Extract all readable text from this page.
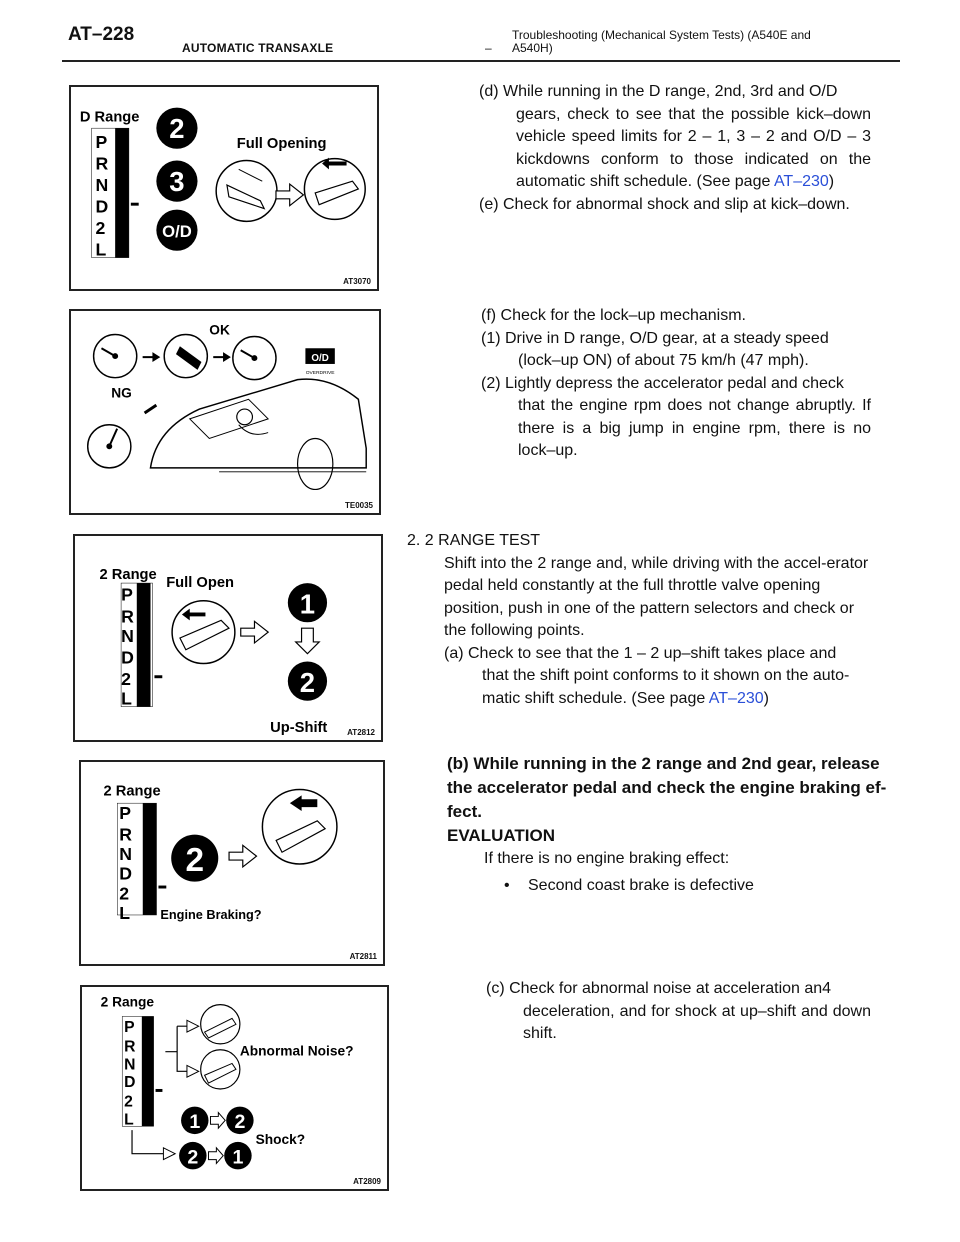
AT–228
AUTOMATIC TRANSAXLE	–
Troubleshooting (Mechanical System Tests) (A540E and A540H)
D Range
P
R
N
D
2
L
2
3
O/D
Full Opening
AT3070

(d) While running in the D range, 2nd, 3rd and O/D

gears, check to see that the possible kick–down vehicle speed limits for 2 – 1, 3 – 2 and O/D – 3 kickdowns conform to those indicated on the automatic shift schedule. (See page AT–230)

(e) Check for abnormal shock and slip at kick–down.

OK
O/D
OVERDRIVE
NG
TE0035

(f) Check for the lock–up mechanism.

(1) Drive in D range, O/D gear, at a steady speed

(lock–up ON) of about 75 km/h (47 mph).

(2) Lightly depress the accelerator pedal and check

that the engine rpm does not change abruptly. If there is a big jump in engine rpm, there is no lock–up.

2 Range
P
R
N
D
2
L
Full Open
1
2
Up-Shift AT2812

2. 2 RANGE TEST

Shift into the 2 range and, while driving with the accel-erator pedal held constantly at the full throttle valve opening position, push in one of the pattern selectors and check or the following points.

(a) Check to see that the 1 – 2 up–shift takes place and

that the shift point conforms to it shown on the auto-matic shift schedule. (See page AT–230)

2 Range
P
R
N
D
2
L
2
Engine Braking?
AT2811

(b) While running in the 2 range and 2nd gear, release the accelerator pedal and check the engine braking ef-fect.

EVALUATION

If there is no engine braking effect:

• Second coast brake is defective

2 Range
P
R
N
D
2
L
Abnormal Noise?
1 2
2 1
Shock?
AT2809

(c) Check for abnormal noise at acceleration an4

deceleration, and for shock at up–shift and down shift.
